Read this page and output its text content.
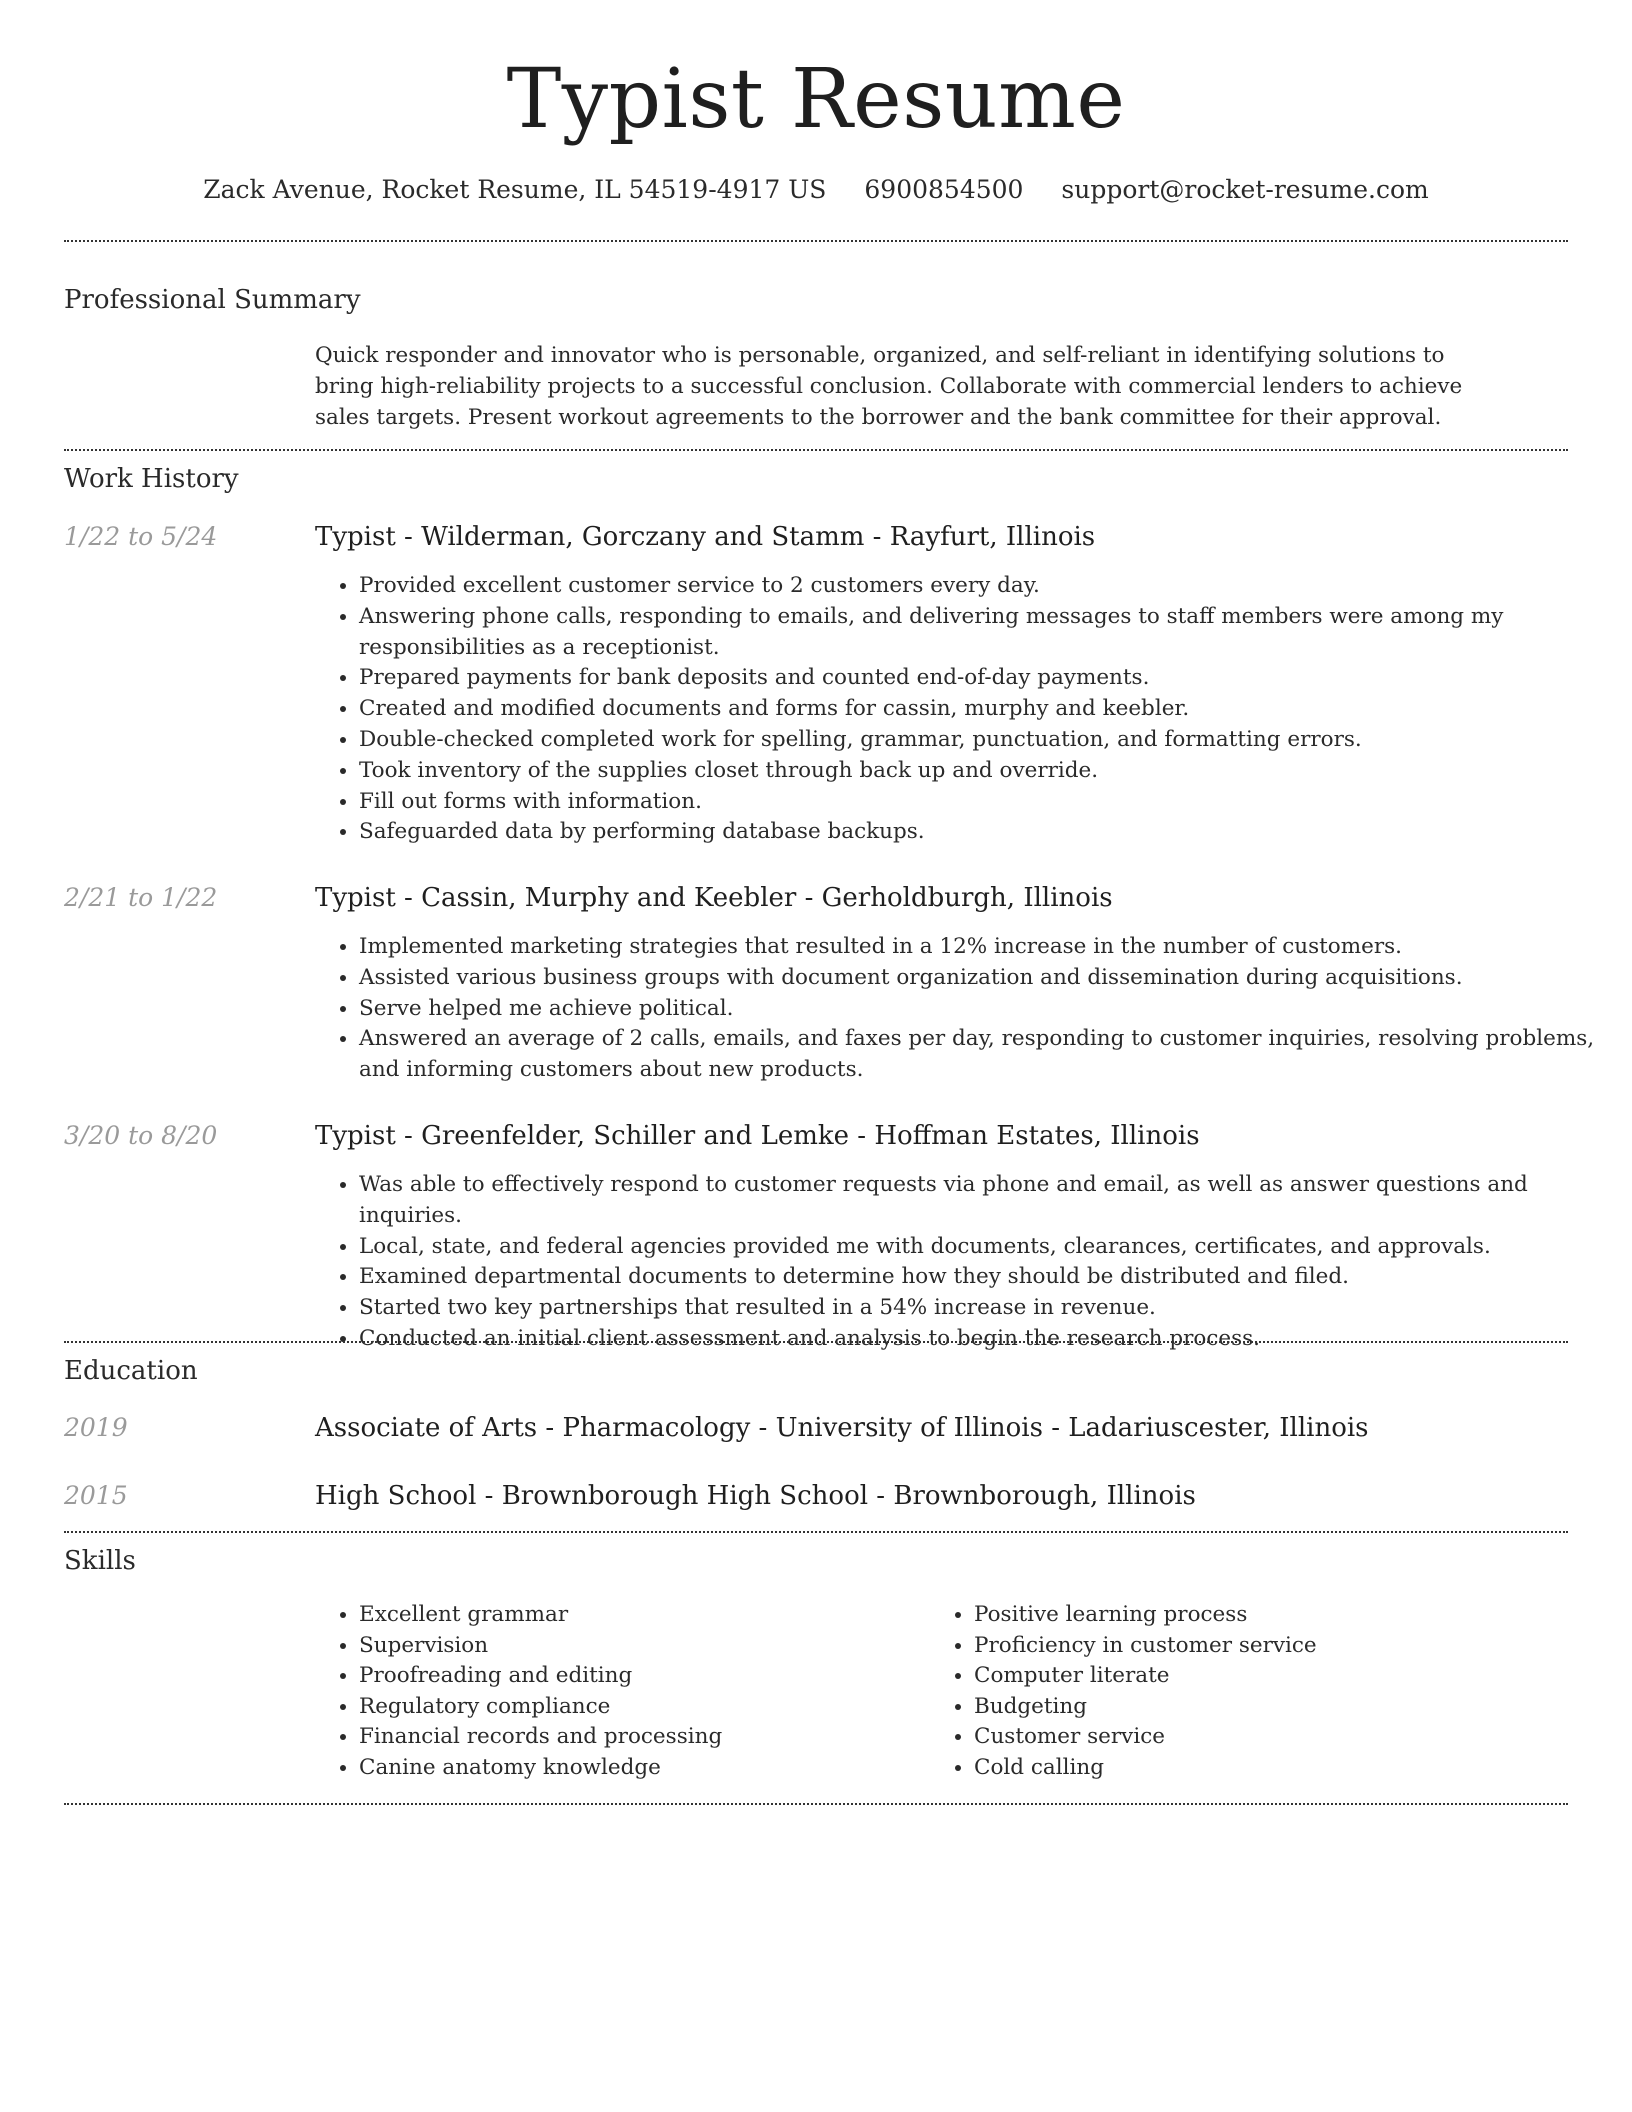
Typist Resume
Zack Avenue, Rocket Resume, IL 54519-4917 US 6900854500 support@rocket-resume.com
Professional Summary
Quick responder and innovator who is personable, organized, and self-reliant in identifying solutions to bring high-reliability projects to a successful conclusion. Collaborate with commercial lenders to achieve sales targets. Present workout agreements to the borrower and the bank committee for their approval.
Work History
1/22 to 5/24	Typist - Wilderman, Gorczany and Stamm - Rayfurt, Illinois
• Provided excellent customer service to 2 customers every day.
• Answering phone calls, responding to emails, and delivering messages to staff members were among my responsibilities as a receptionist.
• Prepared payments for bank deposits and counted end-of-day payments.
• Created and modified documents and forms for cassin, murphy and keebler.
• Double-checked completed work for spelling, grammar, punctuation, and formatting errors.
• Took inventory of the supplies closet through back up and override.
• Fill out forms with information.
• Safeguarded data by performing database backups.
2/21 to 1/22	Typist - Cassin, Murphy and Keebler - Gerholdburgh, Illinois
• Implemented marketing strategies that resulted in a 12% increase in the number of customers.
• Assisted various business groups with document organization and dissemination during acquisitions.
• Serve helped me achieve political.
• Answered an average of 2 calls, emails, and faxes per day, responding to customer inquiries, resolving problems, and informing customers about new products.
3/20 to 8/20	Typist - Greenfelder, Schiller and Lemke - Hoffman Estates, Illinois
• Was able to effectively respond to customer requests via phone and email, as well as answer questions and inquiries.
• Local, state, and federal agencies provided me with documents, clearances, certificates, and approvals.
• Examined departmental documents to determine how they should be distributed and filed.
• Started two key partnerships that resulted in a 54% increase in revenue.
• Conducted an initial client assessment and analysis to begin the research process.
Education
2019	Associate of Arts - Pharmacology - University of Illinois - Ladariuscester, Illinois
2015	High School - Brownborough High School - Brownborough, Illinois
Skills
• Excellent grammar
• Supervision
• Proofreading and editing
• Regulatory compliance
• Financial records and processing
• Canine anatomy knowledge
• Positive learning process
• Proficiency in customer service
• Computer literate
• Budgeting
• Customer service
• Cold calling
